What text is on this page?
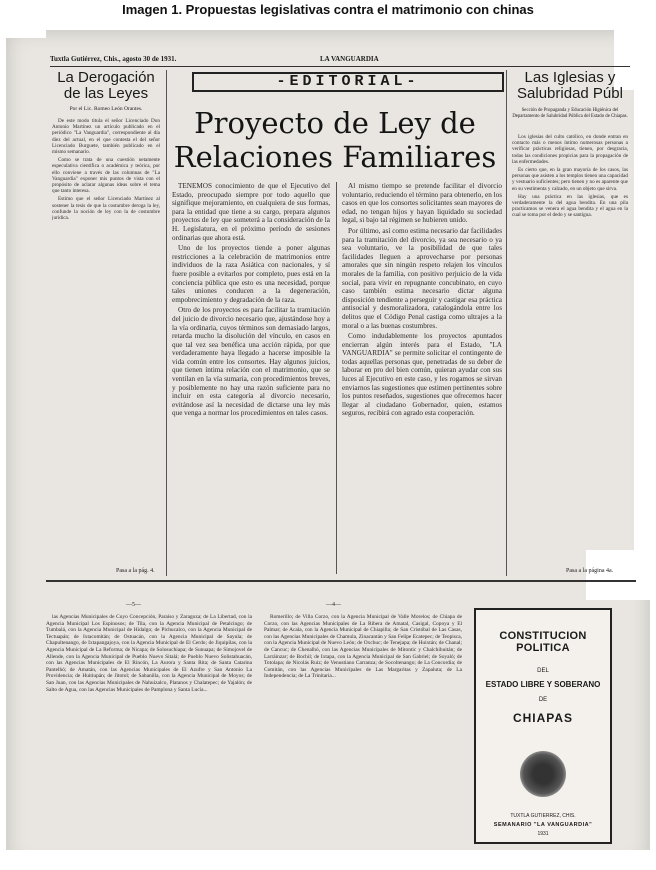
Imagen 1. Propuestas legislativas contra el matrimonio con chinas
Tuxtla Gutiérrez, Chis., agosto 30 de 1931.	LA VANGUARDIA
La Derogación de las Leyes
Por el Lic. Romeo León Orantes.

De este modo titula el señor Licenciado Don Antonio Martínez un artículo publicado en el periódico "La Vanguardia", correspondiente al día diez del actual, en el que contesta el del señor Licenciado Burguete, también publicado en el mismo semanario.

Como se trata de una cuestión netamente especulativa científica o académica y teórica, por ello conviene a través de las columnas de "La Vanguardia" exponer mis puntos de vista con el propósito de aclarar algunas ideas sobre el tema que tanto interesa.

Estimo que el señor Licenciado Martínez al sostener la tesis de que la costumbre deroga la ley, confunde la noción de ley con la de costumbre jurídica.

Pasa a la pág. 4.
-EDITORIAL-
Proyecto de Ley de Relaciones Familiares

TENEMOS conocimiento de que el Ejecutivo del Estado, preocupado siempre por todo aquello que signifique mejoramiento, en cualquiera de sus formas, para la entidad que tiene a su cargo, prepara algunos proyectos de ley que someterá a la consideración de la H. Legislatura, en el próximo período de sesiones ordinarias que ahora está.

Uno de los proyectos tiende a poner algunas restricciones a la celebración de matrimonios entre individuos de la raza Asiática con nacionales, y sí fuere posible a evitarlos por completo, pues está en la conciencia pública que esto es una necesidad, porque tales uniones conducen a la degeneración, empobrecimiento y degradación de la raza.

Otro de los proyectos es para facilitar la tramitación del juicio de divorcio necesario que, ajustándose hoy a la vía ordinaria, cuyos términos son demasiado largos, retarda mucho la disolución del vínculo, en casos en que tal vez sea benéfica una acción rápida, por que verdaderamente haya llegado a hacerse imposible la vida común entre los consortes. Hay algunos juicios, que tienen íntima relación con el matrimonio, que se ventilan en la vía sumaria, con procedimientos breves, y posiblemente no hay una razón suficiente para no incluir en esta categoría al divorcio necesario, evitándose así la necesidad de dictarse una ley más que venga a normar los procedimientos en tales casos.

Al mismo tiempo se pretende facilitar el divorcio voluntario, reduciendo el término para obtenerlo, en los casos en que los consortes solicitantes sean mayores de edad, no tengan hijos y hayan liquidado su sociedad legal, si bajo tal régimen se hubieren unido.

Por último, así como estima necesario dar facilidades para la tramitación del divorcio, ya sea necesario o ya sea voluntario, ve la posibilidad de que tales facilidades lleguen a aprovecharse por personas amorales que sin ningún respeto relajen los vínculos morales de la familia, con positivo perjuicio de la vida social, para vivir en repugnante concubinato, en cuyo caso también estima necesario dictar alguna disposición tendiente a perseguir y castigar esa práctica antisocial y desmoralizadora, catalogándola entre los delitos que el Código Penal castiga como ultrajes a la moral o a las buenas costumbres.

Como indudablemente los proyectos apuntados encierran algún interés para el Estado, "LA VANGUARDIA" se permite solicitar el contingente de todas aquellas personas que, penetradas de su deber de laborar en pro del bien común, quieran ayudar con sus luces al Ejecutivo en este caso, y les rogamos se sirvan enviarnos las sugestiones que estimen pertinentes sobre los puntos reseñados, sugestiones que ofrecemos hacer llegar al ciudadano Gobernador, quien, estamos seguros, recibirá con agrado esta cooperación.

Las Iglesias y Salubridad Públ
Sección de Propaganda y Educación Higiénica del Departamento de Salubridad Pública del Estado de Chiapas.

Los iglesias del culto católico, en donde entran en contacto más o menos íntimo numerosas personas a verificar prácticas religiosas, tienen, por desgracia, todas las condiciones propicias para la propagación de las enfermedades.

Es cierto que, en la gran mayoría de los casos, las personas que asisten a los templos tienen una capacidad y vestuario suficientes; pero tienen y no es aparente que en su vestimenta y calzado, en un objeto que sirva.

Hay una práctica en las iglesias, que es verdaderamente la del agua bendita. En una pila practicamos se venera el agua bendita y el agua en la cual se toma por el dedo y se santigua.

Pasa a la página 4a.
—5—	—4—

las Agencias Municipales de Cuyo Concepción, Paraíso y Zaragoza; de La Libertad, con la Agencia Municipal Los Espinosos; de Tila, con la Agencia Municipal de Petalcingo; de Tumbalá, con la Agencia Municipal de Hidalgo; de Pichucalco, con la Agencia Municipal de Tectuapán; de Ixtacomitán; de Ostuacán, con la Agencia Municipal de Sayula; de Chapultenango, de Ixtapangajoya, con la Agencia Municipal de El Cerdo; de Jiquipilas, con la Agencia Municipal de La Reforma; de Nicapa; de Solosuchiapa; de Sunuapa; de Simojovel de Allende, con la Agencia Municipal de Pueblo Nuevo Sitalá; de Pueblo Nuevo Solistahuacán, con las Agencias Municipales de El Rincón, La Aurora y Santa Rita; de Santa Catarina Pantelhó; de Amatán, con las Agencias Municipales de El Azufre y San Antonio La Providencia; de Huitiupán; de Jitotol; de Sabanilla, con la Agencia Municipal de Moyos; de San Juan, con las Agencias Municipales de Nahuizalco, Platanos y Chalatepec; de Yajalón; de Salto de Agua, con las Agencias Municipales de Pamplona y Santa Lucía...

Romerillo; de Villa Corzo, con la Agencia Municipal de Valle Morelos; de Chiapa de Corzo, con las Agencias Municipales de La Ribera de Amatal, Casigal, Copoya y El Palmar; de Acala, con la Agencia Municipal de Chiapilla; de San Cristóbal de Las Casas, con las Agencias Municipales de Chamula, Zinacantán y San Felipe Ecatepec; de Teopisca, con la Agencia Municipal de Nuevo León; de Oxchuc; de Tenejapa; de Huixtán; de Chanal; de Cancuc; de Chenalhó, con las Agencias Municipales de Mitontic y Chalchihuitán; de Larráinzar; de Bochil; de Ixtapa, con la Agencia Municipal de San Gabriel; de Soyaló; de Totolapa; de Nicolás Ruiz; de Venustiano Carranza; de Socoltenango; de La Concordia; de Comitán, con las Agencias Municipales de Las Margaritas y Zapaluta; de La Independencia; de La Trinitaria...

CONSTITUCION POLITICA
DEL
ESTADO LIBRE Y SOBERANO
DE
CHIAPAS
TUXTLA GUTIERREZ, CHIS.
SEMANARIO "LA VANGUARDIA"
1931
